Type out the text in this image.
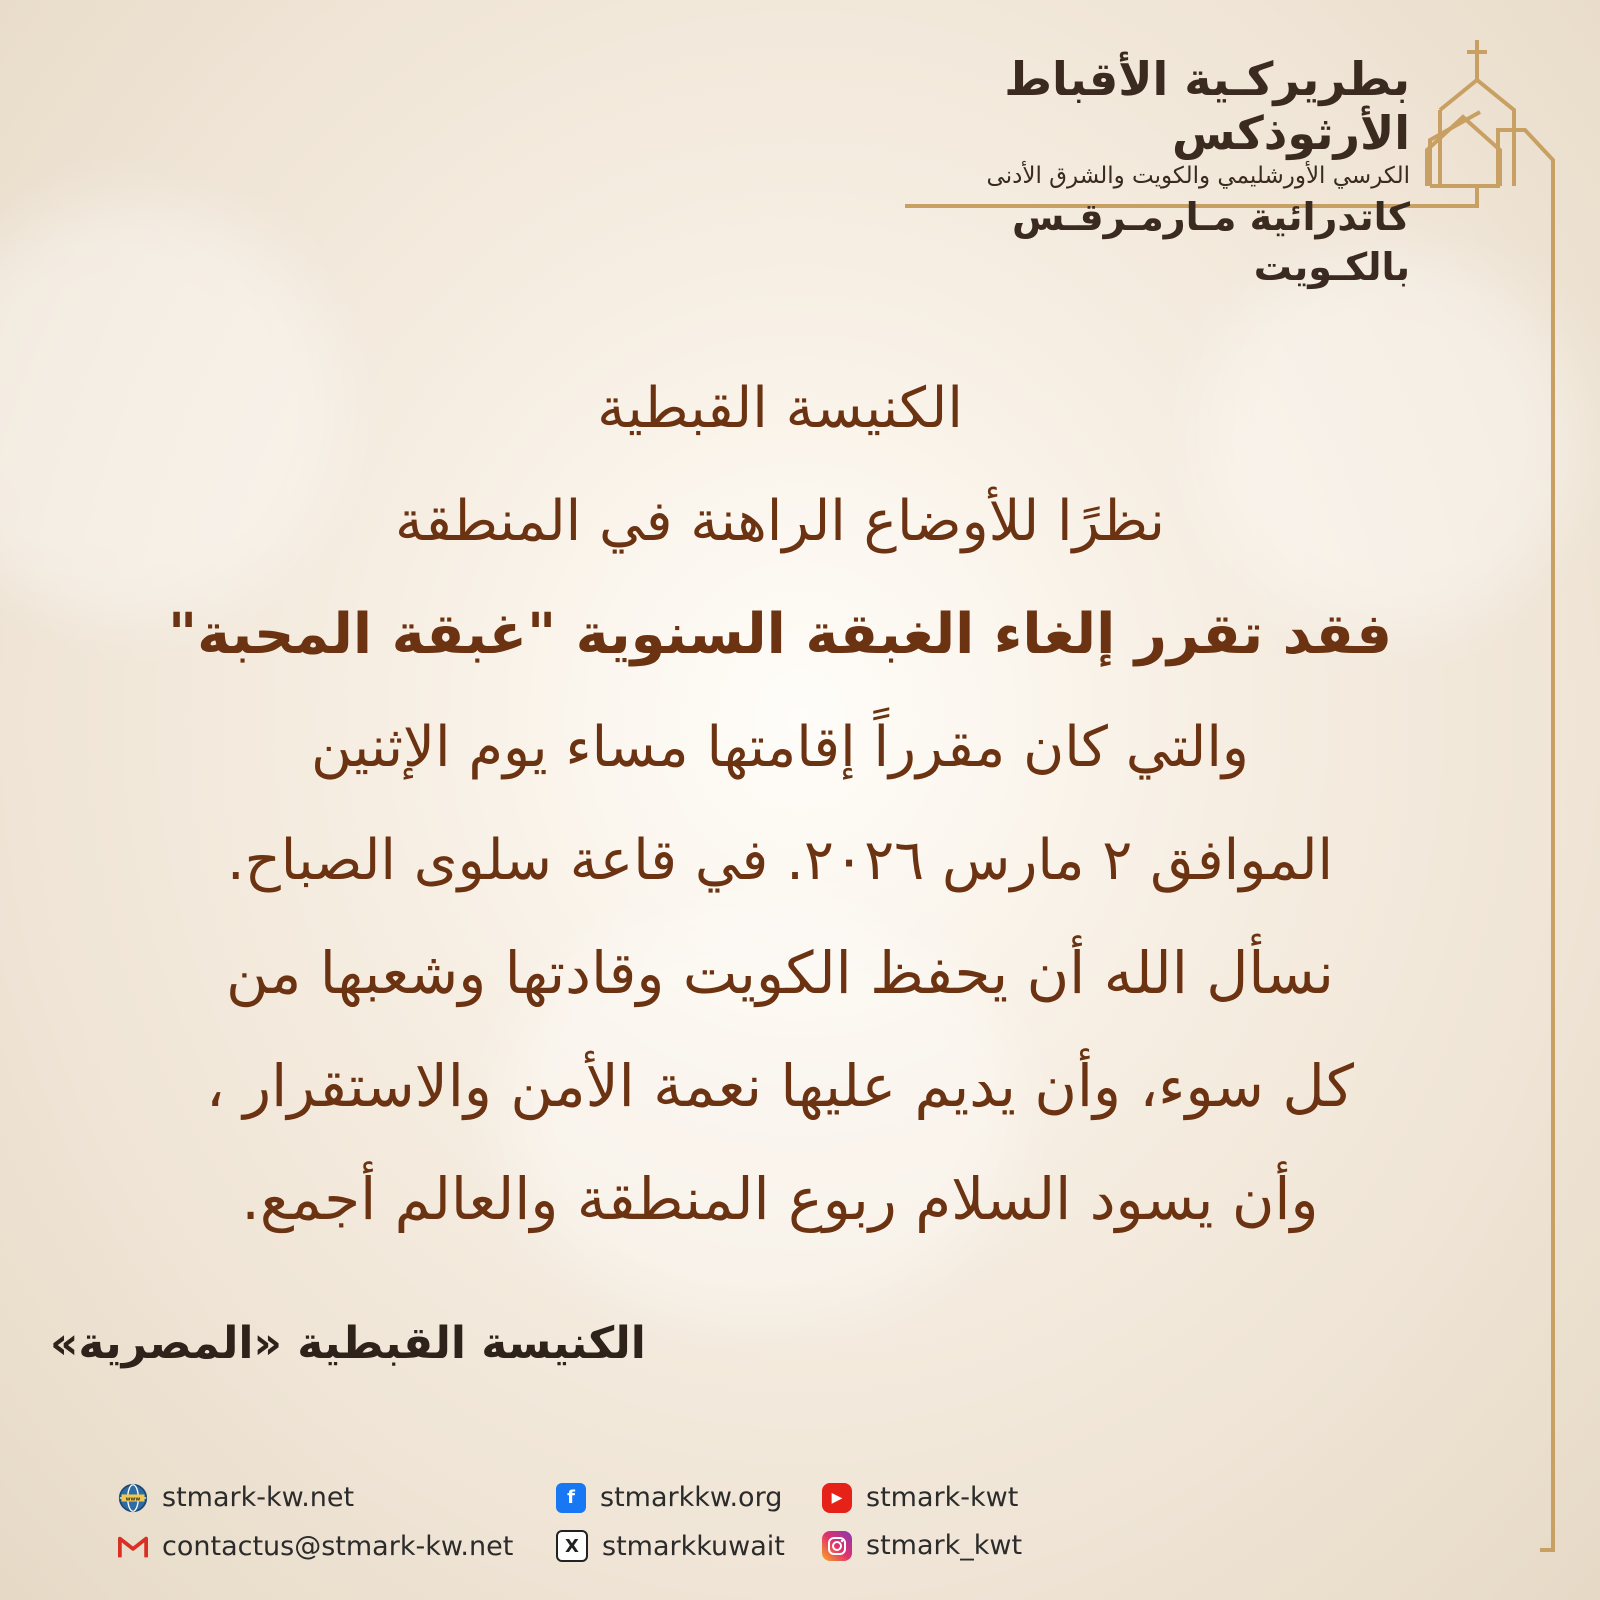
بطريركـية الأقباط الأرثوذكس
الكرسي الأورشليمي والكويت والشرق الأدنى
كاتدرائية مـارمـرقـس بالكـويت
الكنيسة القبطية
نظرًا للأوضاع الراهنة في المنطقة
فقد تقرر إلغاء الغبقة السنوية "غبقة المحبة"
والتي كان مقرراً إقامتها مساء يوم الإثنين
الموافق ٢ مارس ٢٠٢٦. في قاعة سلوى الصباح.
نسأل الله أن يحفظ الكويت وقادتها وشعبها من
كل سوء، وأن يديم عليها نعمة الأمن والاستقرار ،
وأن يسود السلام ربوع المنطقة والعالم أجمع.
الكنيسة القبطية «المصرية»
www stmark-kw.net
contactus@stmark-kw.net
f stmarkkw.org
X stmarkkuwait
▶ stmark-kwt
stmark_kwt
